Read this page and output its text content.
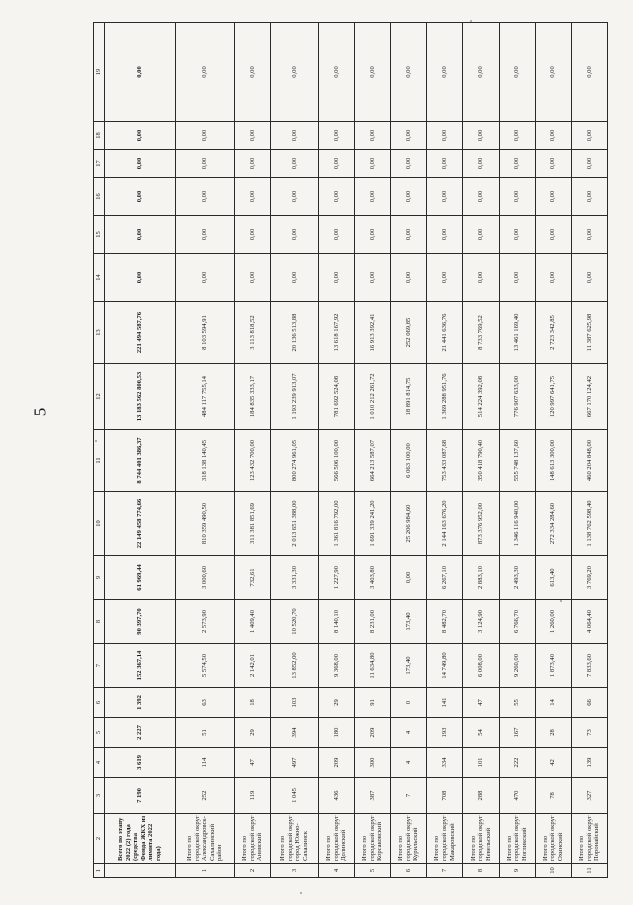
5
1	2	3	4	5	6	7	8	9	10	11	12	13	14	15	16	17	18	19
	Всего по этапу 2022 (2) года (средства Фонда ЖКХ из лимита 2022 года)	7 190	3 619	2 227	1 392	152 367,14	90 397,70	61 969,44	22 149 458 774,66	8 744 401 386,37	13 183 562 800,53	221 494 587,76	0,00	0,00	0,00	0,00	0,00	0,00
1	Итого по городской округ Александровск-Сахалинский район	252	114	51	63	5 574,50	2 573,90	3 000,60	810 359 490,50	318 138 140,45	484 117 755,14	8 103 594,91	0,00	0,00	0,00	0,00	0,00	0,00
2	Итого по городской округ Анивский	119	47	29	18	2 142,01	1 409,40	732,61	311 381 851,69	123 432 700,00	184 835 333,17	3 113 818,52	0,00	0,00	0,00	0,00	0,00	0,00
3	Итого по городской округ город Южно-Сахалинск	1 045	497	394	103	13 852,00	10 520,70	3 331,30	2 013 651 388,00	800 274 961,05	1 193 239 913,07	20 136 513,88	0,00	0,00	0,00	0,00	0,00	0,00
4	Итого по городской округ Долинский	436	209	180	29	9 368,00	8 140,10	1 227,90	1 361 816 792,00	566 506 100,00	781 692 524,08	13 618 167,92	0,00	0,00	0,00	0,00	0,00	0,00
5	Итого по городской округ Корсаковский	387	300	209	91	11 634,80	8 231,00	3 403,80	1 691 339 241,20	664 213 587,07	1 010 212 261,72	16 913 392,41	0,00	0,00	0,00	0,00	0,00	0,00
6	Итого по городской округ Курильский	7	4	4	0	173,40	173,40	0,00	25 206 984,60	6 063 100,00	18 891 814,75	252 069,85	0,00	0,00	0,00	0,00	0,00	0,00
7	Итого по городской округ Макаровский	708	334	193	141	14 749,80	8 482,70	6 267,10	2 144 163 676,20	753 433 087,68	1 369 288 951,76	21 441 636,76	0,00	0,00	0,00	0,00	0,00	0,00
8	Итого по городской округ Невельский	288	101	54	47	6 008,00	3 124,90	2 883,10	873 376 952,00	350 418 790,40	514 224 392,08	8 733 769,52	0,00	0,00	0,00	0,00	0,00	0,00
9	Итого по городской округ Ногликский	470	222	167	55	9 260,00	6 766,70	2 493,30	1 346 116 940,00	555 748 137,60	776 907 633,00	13 461 169,40	0,00	0,00	0,00	0,00	0,00	0,00
10	Итого по городской округ Охинский	78	42	28	14	1 873,40	1 260,00	613,40	272 334 284,60	148 613 300,00	120 997 641,75	2 723 342,85	0,00	0,00	0,00	0,00	0,00	0,00
11	Итого по городской округ Поронайский	327	139	73	66	7 833,60	4 064,40	3 769,20	1 138 762 598,40	460 204 848,00	667 170 124,42	11 387 625,98	0,00	0,00	0,00	0,00	0,00	0,00
